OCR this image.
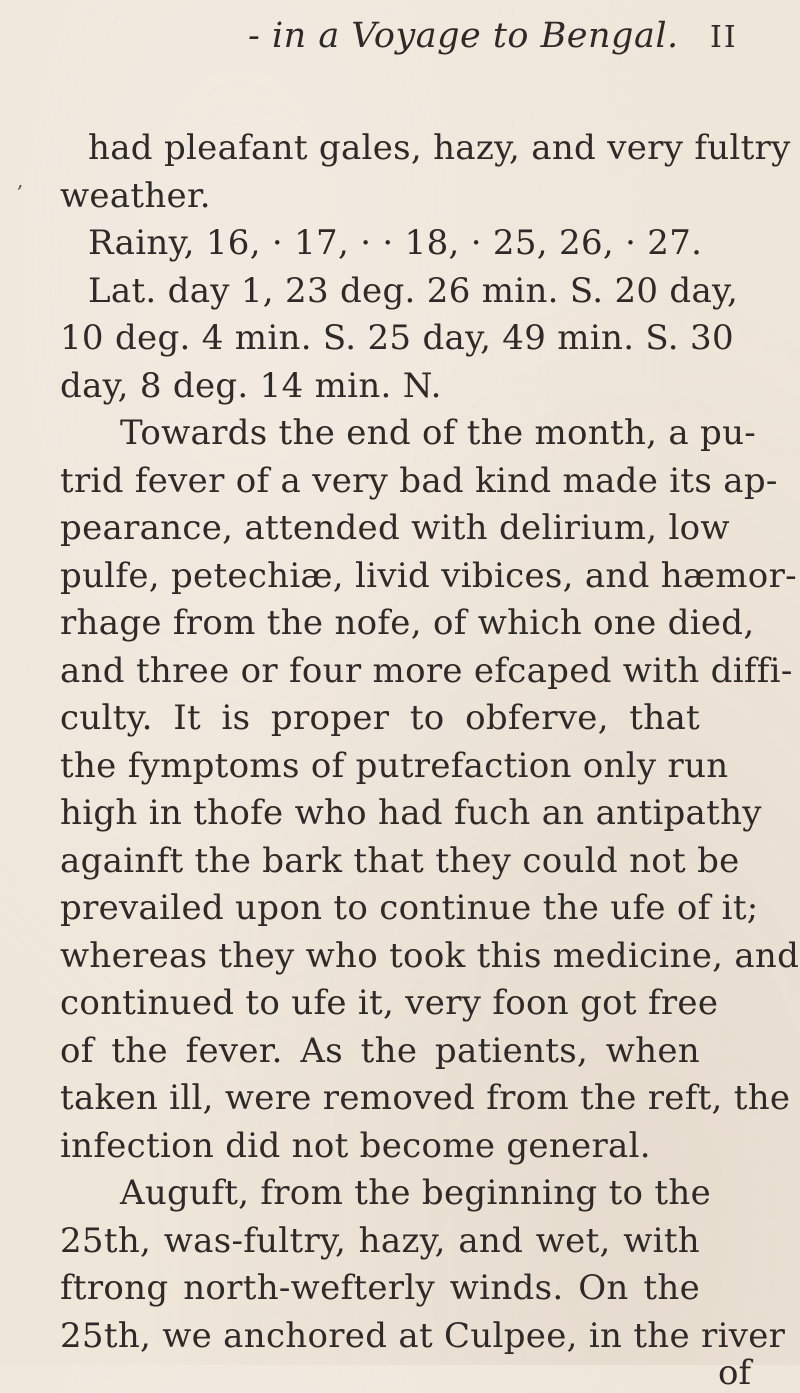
- in a Voyage to Bengal. II
,
had pleafant gales, hazy, and very fultry
weather.
Rainy, 16, · 17, · · 18, · 25, 26, · 27.
Lat. day 1, 23 deg. 26 min. S. 20 day,
10 deg. 4 min. S. 25 day, 49 min. S. 30
day, 8 deg. 14 min. N.
Towards the end of the month, a pu-
trid fever of a very bad kind made its ap-
pearance, attended with delirium, low
pulfe, petechiæ, livid vibices, and hæmor-
rhage from the nofe, of which one died,
and three or four more efcaped with diffi-
culty. It is proper to obferve, that
the fymptoms of putrefaction only run
high in thofe who had fuch an antipathy
againft the bark that they could not be
prevailed upon to continue the ufe of it;
whereas they who took this medicine, and
continued to ufe it, very foon got free
of the fever. As the patients, when
taken ill, were removed from the reft, the
infection did not become general.
Auguft, from the beginning to the
25th, was-fultry, hazy, and wet, with
ftrong north-wefterly winds. On the
25th, we anchored at Culpee, in the river
of
